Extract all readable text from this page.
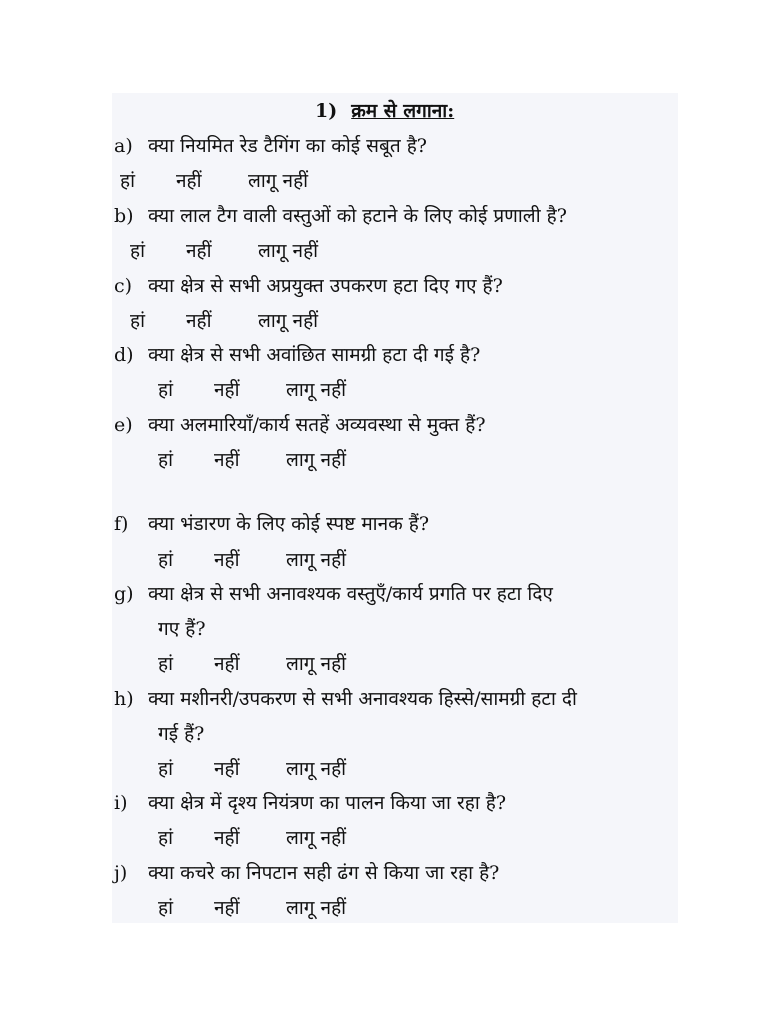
1) क्रम से लगाना:
a) क्या नियमित रेड टैगिंग का कोई सबूत है?
हां नहीं लागू नहीं
b) क्या लाल टैग वाली वस्तुओं को हटाने के लिए कोई प्रणाली है?
हां नहीं लागू नहीं
c) क्या क्षेत्र से सभी अप्रयुक्त उपकरण हटा दिए गए हैं?
हां नहीं लागू नहीं
d) क्या क्षेत्र से सभी अवांछित सामग्री हटा दी गई है?
हां नहीं लागू नहीं
e) क्या अलमारियाँ/कार्य सतहें अव्यवस्था से मुक्त हैं?
हां नहीं लागू नहीं
f) क्या भंडारण के लिए कोई स्पष्ट मानक हैं?
हां नहीं लागू नहीं
g) क्या क्षेत्र से सभी अनावश्यक वस्तुएँ/कार्य प्रगति पर हटा दिए
गए हैं?
हां नहीं लागू नहीं
h) क्या मशीनरी/उपकरण से सभी अनावश्यक हिस्से/सामग्री हटा दी
गई हैं?
हां नहीं लागू नहीं
i) क्या क्षेत्र में दृश्य नियंत्रण का पालन किया जा रहा है?
हां नहीं लागू नहीं
j) क्या कचरे का निपटान सही ढंग से किया जा रहा है?
हां नहीं लागू नहीं
